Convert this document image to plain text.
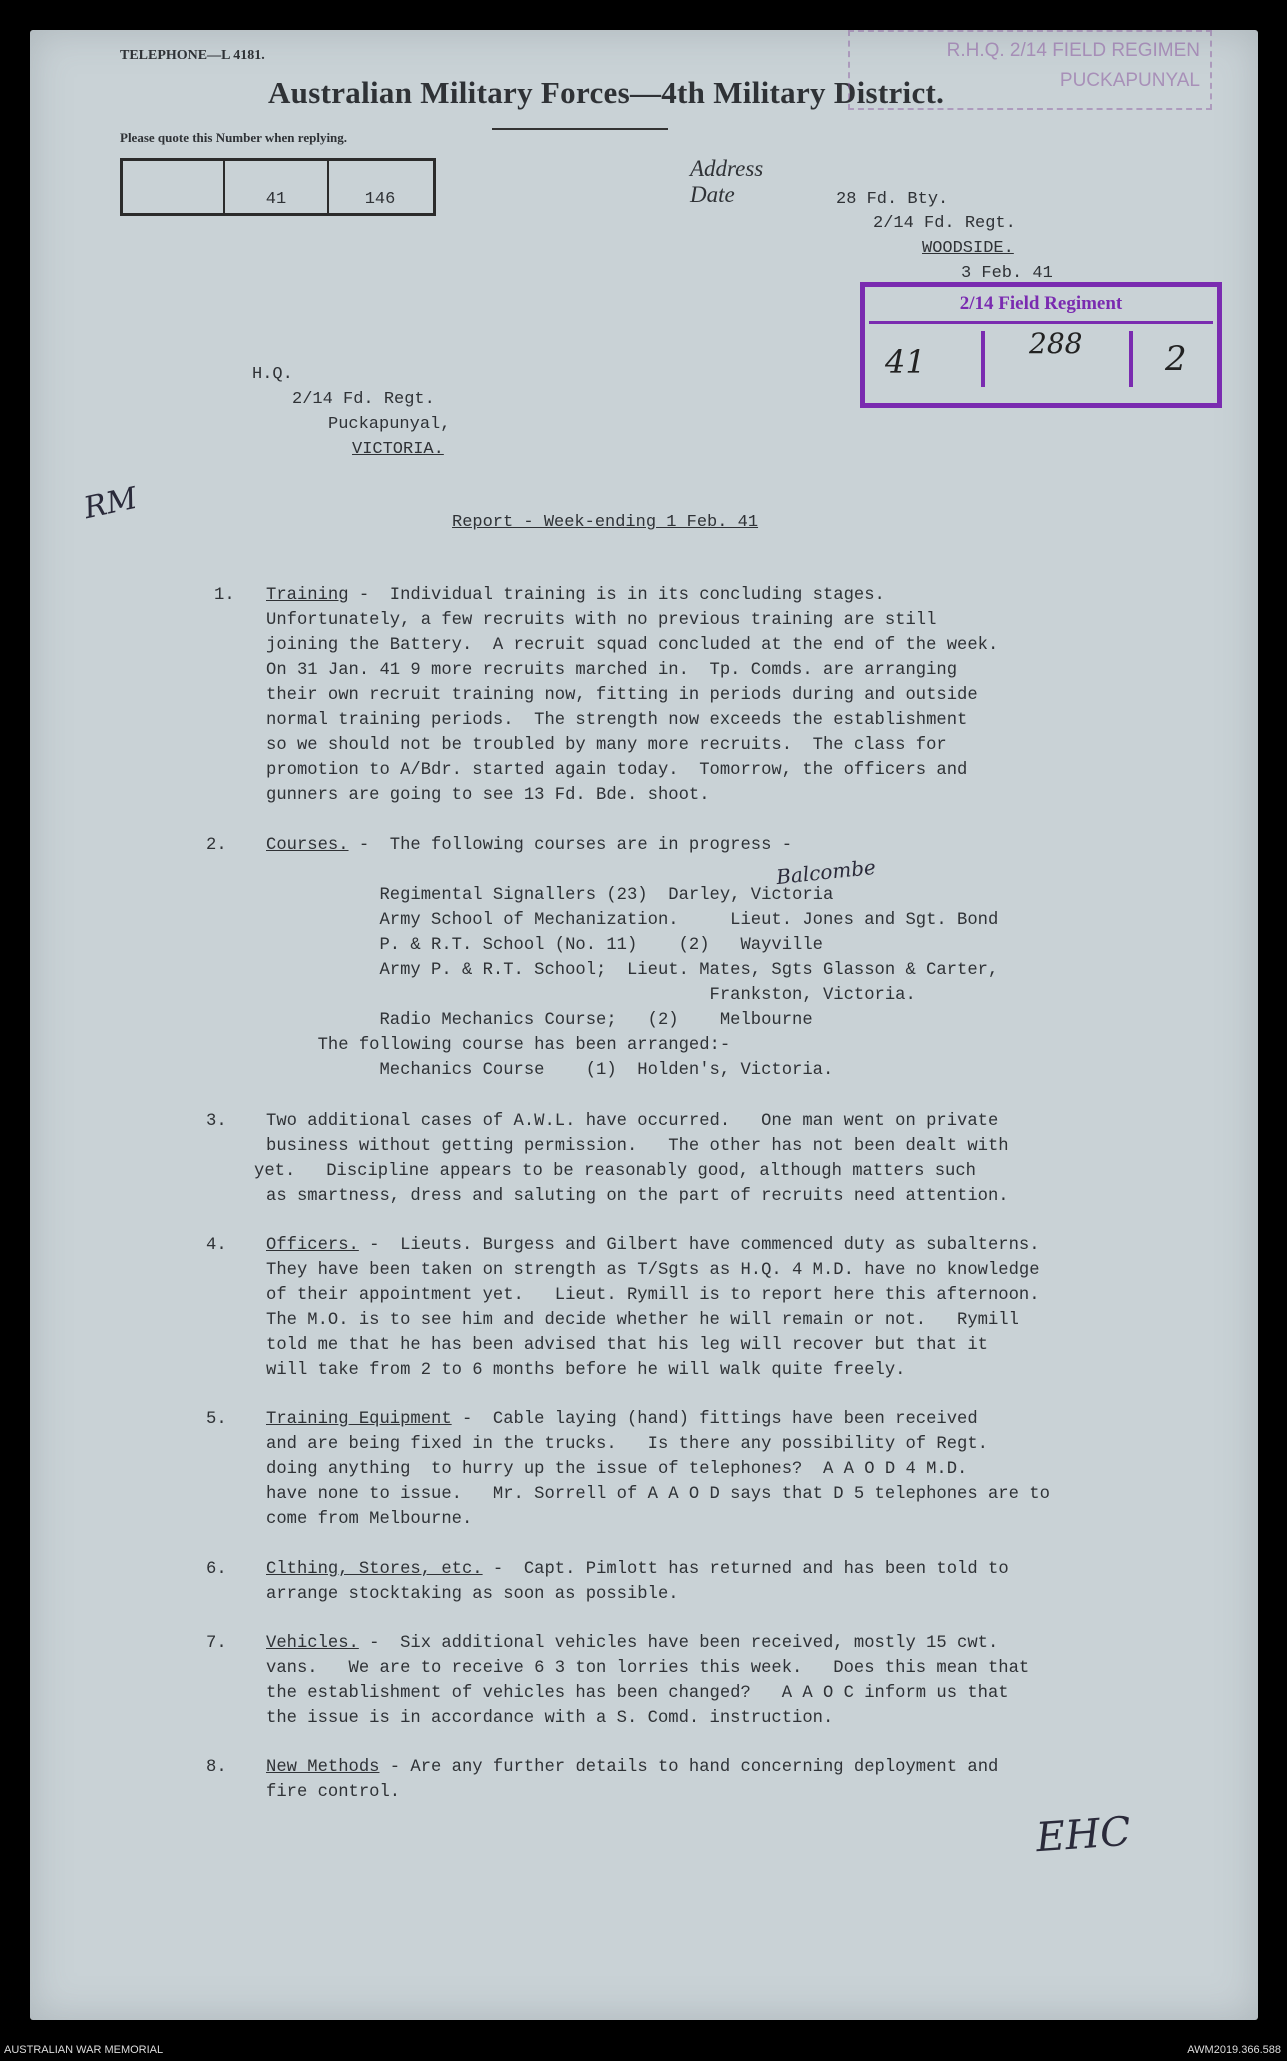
TELEPHONE—L 4181.
Australian Military Forces—4th Military District.
Please quote this Number when replying.
41	146
R.H.Q. 2/14 FIELD REGIMEN
PUCKAPUNYAL
Address
Date	28 Fd. Bty.
2/14 Fd. Regt.
WOODSIDE.
3 Feb. 41
2/14 Field Regiment
41	288 2
RM
H.Q.
2/14 Fd. Regt.
Puckapunyal,
VICTORIA.
Report - Week-ending 1 Feb. 41
1. Training -  Individual training is in its concluding stages.
Unfortunately, a few recruits with no previous training are still
joining the Battery.  A recruit squad concluded at the end of the week.
On 31 Jan. 41 9 more recruits marched in.  Tp. Comds. are arranging
their own recruit training now, fitting in periods during and outside
normal training periods.  The strength now exceeds the establishment
so we should not be troubled by many more recruits.  The class for
promotion to A/Bdr. started again today.  Tomorrow, the officers and
gunners are going to see 13 Fd. Bde. shoot.
2. Courses. -  The following courses are in progress -
Balcombe
Regimental Signallers (23)  Darley, Victoria
Army School of Mechanization.     Lieut. Jones and Sgt. Bond
P. & R.T. School (No. 11)    (2)   Wayville
Army P. & R.T. School;  Lieut. Mates, Sgts Glasson & Carter,
Frankston, Victoria.
Radio Mechanics Course;   (2)    Melbourne
The following course has been arranged:-
Mechanics Course    (1)  Holden's, Victoria.
3. Two additional cases of A.W.L. have occurred.   One man went on private
business without getting permission.   The other has not been dealt with
yet.   Discipline appears to be reasonably good, although matters such
as smartness, dress and saluting on the part of recruits need attention.
4. Officers. -  Lieuts. Burgess and Gilbert have commenced duty as subalterns.
They have been taken on strength as T/Sgts as H.Q. 4 M.D. have no knowledge
of their appointment yet.   Lieut. Rymill is to report here this afternoon.
The M.O. is to see him and decide whether he will remain or not.   Rymill
told me that he has been advised that his leg will recover but that it
will take from 2 to 6 months before he will walk quite freely.
5. Training Equipment -  Cable laying (hand) fittings have been received
and are being fixed in the trucks.   Is there any possibility of Regt.
doing anything  to hurry up the issue of telephones?  A A O D 4 M.D.
have none to issue.   Mr. Sorrell of A A O D says that D 5 telephones are to
come from Melbourne.
6. Clthing, Stores, etc. -  Capt. Pimlott has returned and has been told to
arrange stocktaking as soon as possible.
7. Vehicles. -  Six additional vehicles have been received, mostly 15 cwt.
vans.   We are to receive 6 3 ton lorries this week.   Does this mean that
the establishment of vehicles has been changed?   A A O C inform us that
the issue is in accordance with a S. Comd. instruction.
8. New Methods - Are any further details to hand concerning deployment and
fire control.
EHC
AUSTRALIAN WAR MEMORIAL	AWM2019.366.588
